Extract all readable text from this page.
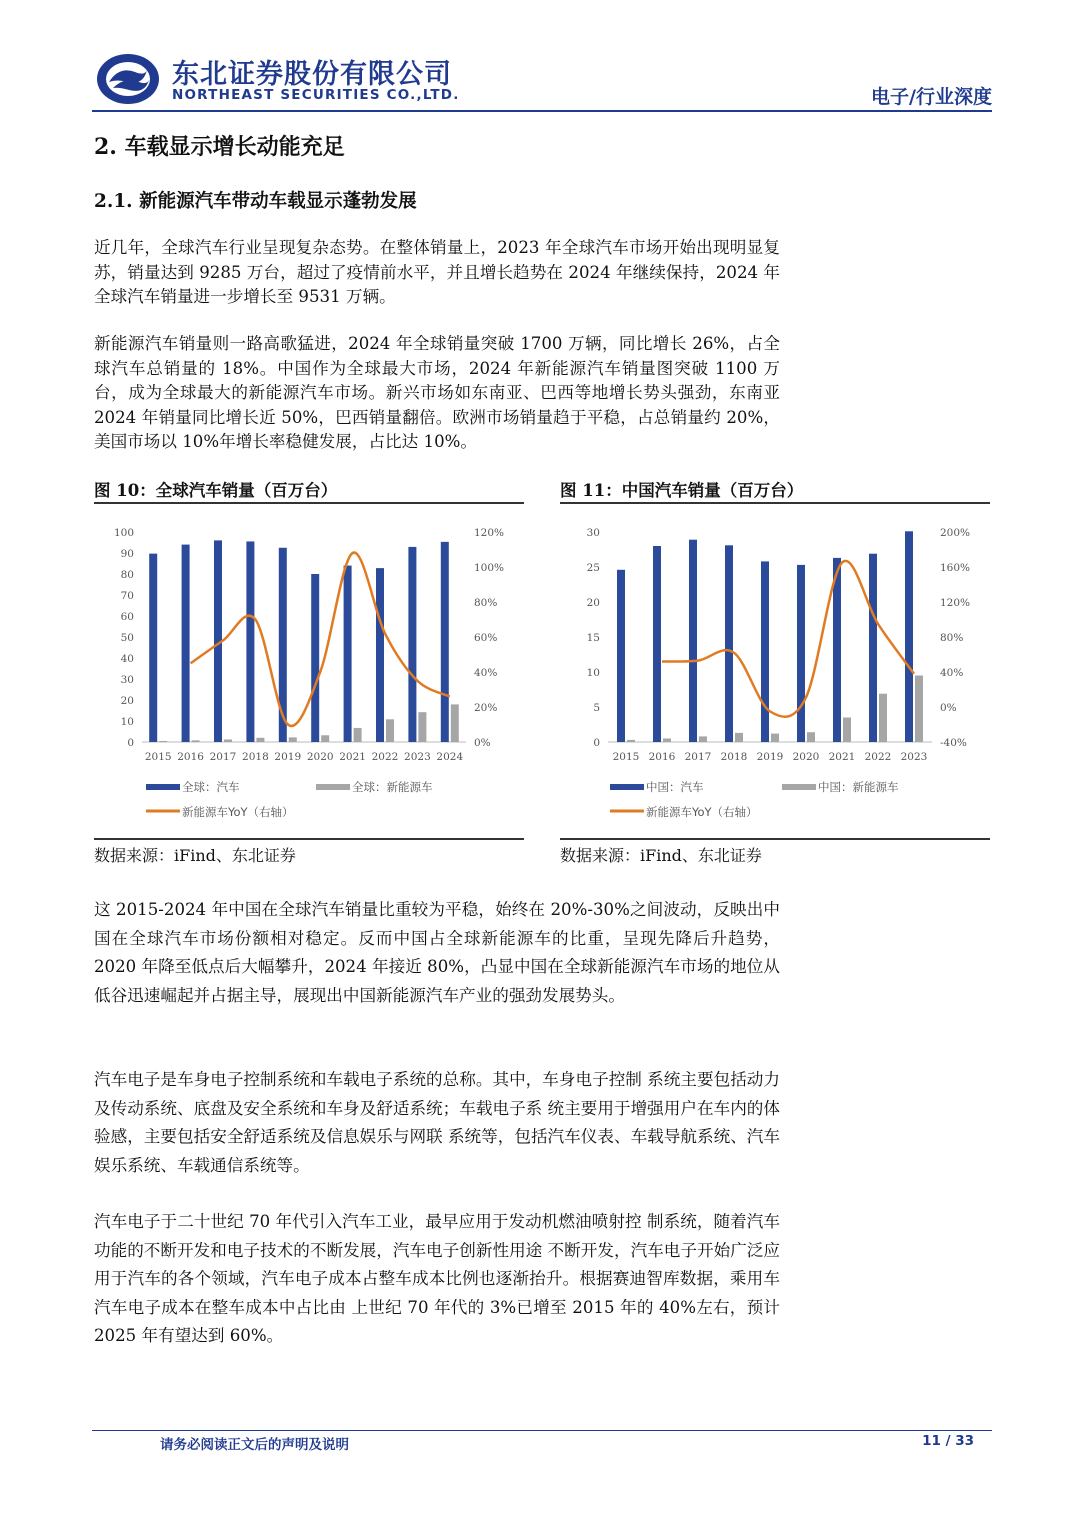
东北证券股份有限公司
NORTHEAST SECURITIES CO.,LTD.	电子/行业深度
2. 车载显示增长动能充足
2.1. 新能源汽车带动车载显示蓬勃发展
近几年，全球汽车行业呈现复杂态势。在整体销量上，2023 年全球汽车市场开始出现明显复苏，销量达到 9285 万台，超过了疫情前水平，并且增长趋势在 2024 年继续保持，2024 年全球汽车销量进一步增长至 9531 万辆。
新能源汽车销量则一路高歌猛进，2024 年全球销量突破 1700 万辆，同比增长 26%，占全球汽车总销量的 18%。中国作为全球最大市场，2024 年新能源汽车销量图突破 1100 万台，成为全球最大的新能源汽车市场。新兴市场如东南亚、巴西等地增长势头强劲，东南亚 2024 年销量同比增长近 50%，巴西销量翻倍。欧洲市场销量趋于平稳，占总销量约 20%，美国市场以 10%年增长率稳健发展，占比达 10%。
图 10：全球汽车销量（百万台）
0
10
20
30
40
50
60
70
80
90
100
0%
20%
40%
60%
80%
100%
120%
2015 2016 2017 2018 2019 2020 2021 2022 2023 2024
全球：汽车	全球：新能源车
新能源车YoY（右轴）
数据来源：iFind、东北证券
图 11：中国汽车销量（百万台）
0
5
10
15
20
25
30
-40%
0%
40%
80%
120%
160%
200%
2015 2016 2017 2018 2019 2020 2021 2022 2023
中国：汽车	中国：新能源车
新能源车YoY（右轴）
数据来源：iFind、东北证券
这 2015-2024 年中国在全球汽车销量比重较为平稳，始终在 20%-30%之间波动，反映出中国在全球汽车市场份额相对稳定。反而中国占全球新能源车的比重，呈现先降后升趋势，2020 年降至低点后大幅攀升，2024 年接近 80%，凸显中国在全球新能源汽车市场的地位从低谷迅速崛起并占据主导，展现出中国新能源汽车产业的强劲发展势头。
汽车电子是车身电子控制系统和车载电子系统的总称。其中，车身电子控制 系统主要包括动力及传动系统、底盘及安全系统和车身及舒适系统；车载电子系 统主要用于增强用户在车内的体验感，主要包括安全舒适系统及信息娱乐与网联 系统等，包括汽车仪表、车载导航系统、汽车娱乐系统、车载通信系统等。
汽车电子于二十世纪 70 年代引入汽车工业，最早应用于发动机燃油喷射控 制系统，随着汽车功能的不断开发和电子技术的不断发展，汽车电子创新性用途 不断开发，汽车电子开始广泛应用于汽车的各个领域，汽车电子成本占整车成本比例也逐渐抬升。根据赛迪智库数据，乘用车汽车电子成本在整车成本中占比由 上世纪 70 年代的 3%已增至 2015 年的 40%左右，预计 2025 年有望达到 60%。
请务必阅读正文后的声明及说明	11 / 33
